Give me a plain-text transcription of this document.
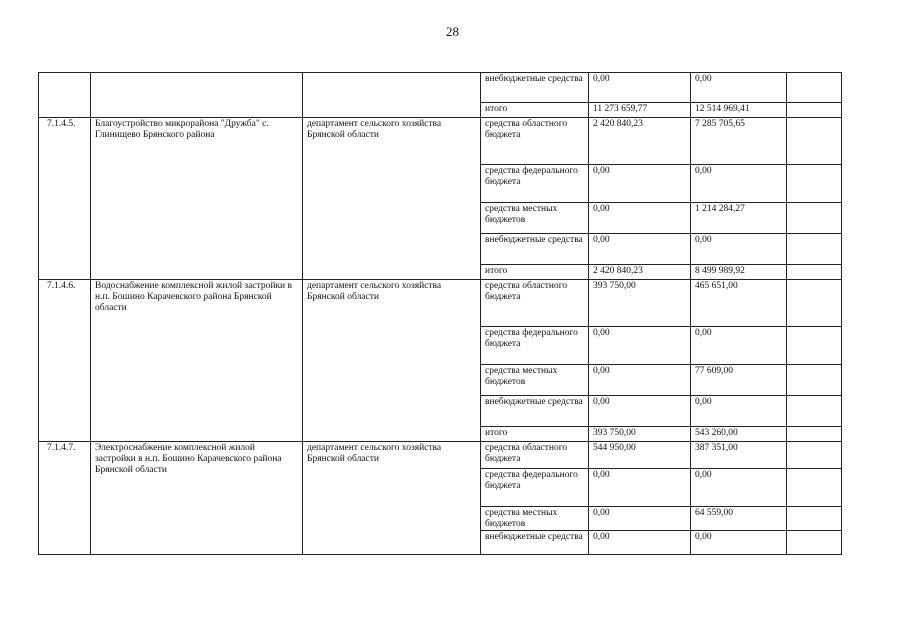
28
			внебюджетные средства	0,00	0,00	
			итого	11 273 659,77	12 514 969,41	
7.1.4.5.	Благоустройство микрорайона "Дружба" с. Глинищево Брянского района	департамент сельского хозяйства Брянской области	средства областного бюджета	2 420 840,23	7 285 705,65	
			средства федерального бюджета	0,00	0,00	
			средства местных бюджетов	0,00	1 214 284,27	
			внебюджетные средства	0,00	0,00	
			итого	2 420 840,23	8 499 989,92	
7.1.4.6.	Водоснабжение комплексной жилой застройки в н.п. Бошино Карачевского района Брянской области	департамент сельского хозяйства Брянской области	средства областного бюджета	393 750,00	465 651,00	
			средства федерального бюджета	0,00	0,00	
			средства местных бюджетов	0,00	77 609,00	
			внебюджетные средства	0,00	0,00	
			итого	393 750,00	543 260,00	
7.1.4.7.	Электроснабжение комплексной жилой застройки в н.п. Бошино Карачевского района Брянской области	департамент сельского хозяйства Брянской области	средства областного бюджета	544 950,00	387 351,00	
			средства федерального бюджета	0,00	0,00	
			средства местных бюджетов	0,00	64 559,00	
			внебюджетные средства	0,00	0,00	
